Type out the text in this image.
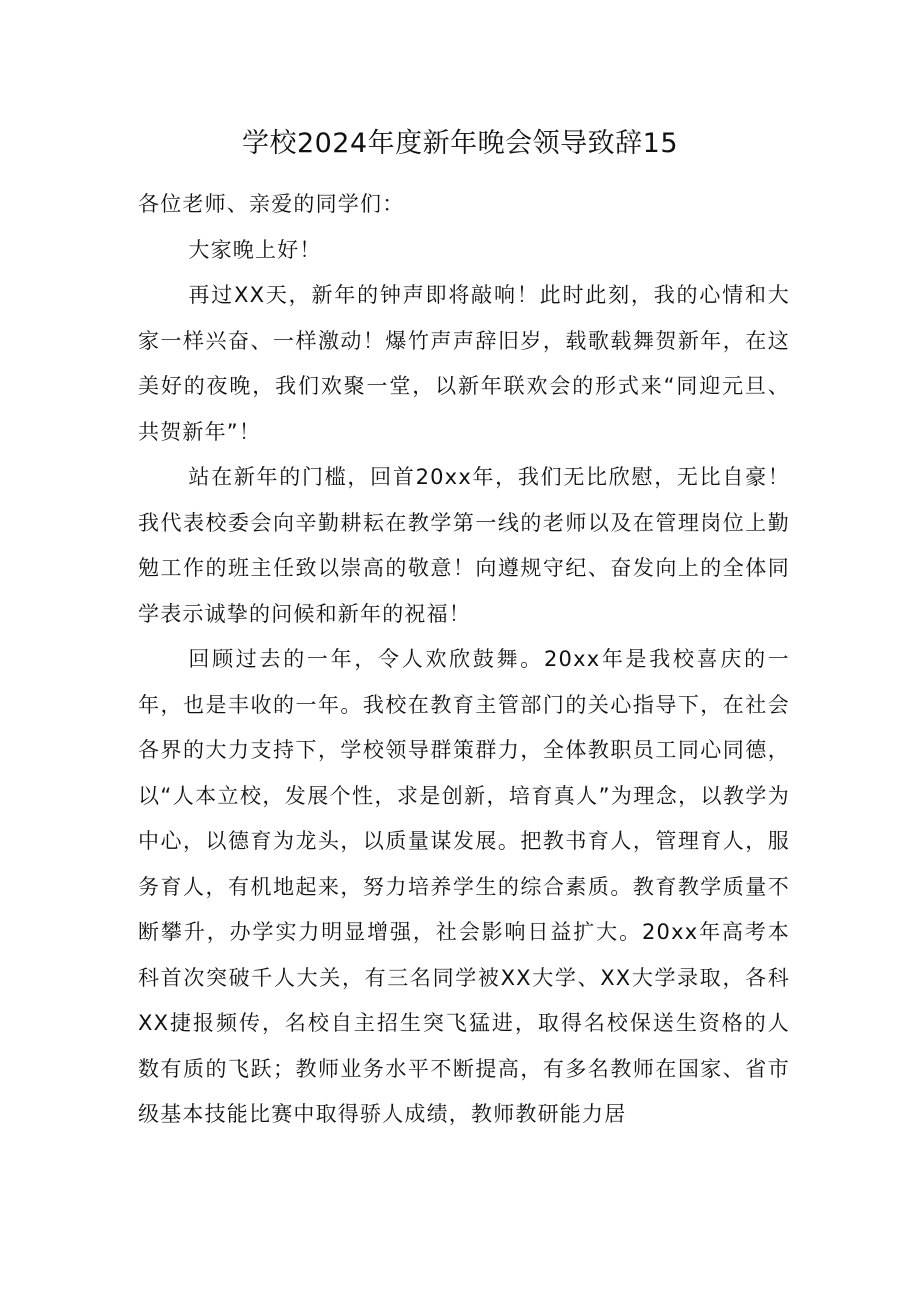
学校2024年度新年晚会领导致辞15

各位老师、亲爱的同学们：

大家晚上好！

再过XX天，新年的钟声即将敲响！此时此刻，我的心情和大家一样兴奋、一样激动！爆竹声声辞旧岁，载歌载舞贺新年，在这美好的夜晚，我们欢聚一堂，以新年联欢会的形式来“同迎元旦、共贺新年”！

站在新年的门槛，回首20xx年，我们无比欣慰，无比自豪！我代表校委会向辛勤耕耘在教学第一线的老师以及在管理岗位上勤勉工作的班主任致以崇高的敬意！向遵规守纪、奋发向上的全体同学表示诚挚的问候和新年的祝福！

回顾过去的一年，令人欢欣鼓舞。20xx年是我校喜庆的一年，也是丰收的一年。我校在教育主管部门的关心指导下，在社会各界的大力支持下，学校领导群策群力，全体教职员工同心同德，以“人本立校，发展个性，求是创新，培育真人”为理念，以教学为中心，以德育为龙头，以质量谋发展。把教书育人，管理育人，服务育人，有机地起来，努力培养学生的综合素质。教育教学质量不断攀升，办学实力明显增强，社会影响日益扩大。20xx年高考本科首次突破千人大关，有三名同学被XX大学、XX大学录取，各科XX捷报频传，名校自主招生突飞猛进，取得名校保送生资格的人数有质的飞跃；教师业务水平不断提高，有多名教师在国家、省市级基本技能比赛中取得骄人成绩，教师教研能力居
